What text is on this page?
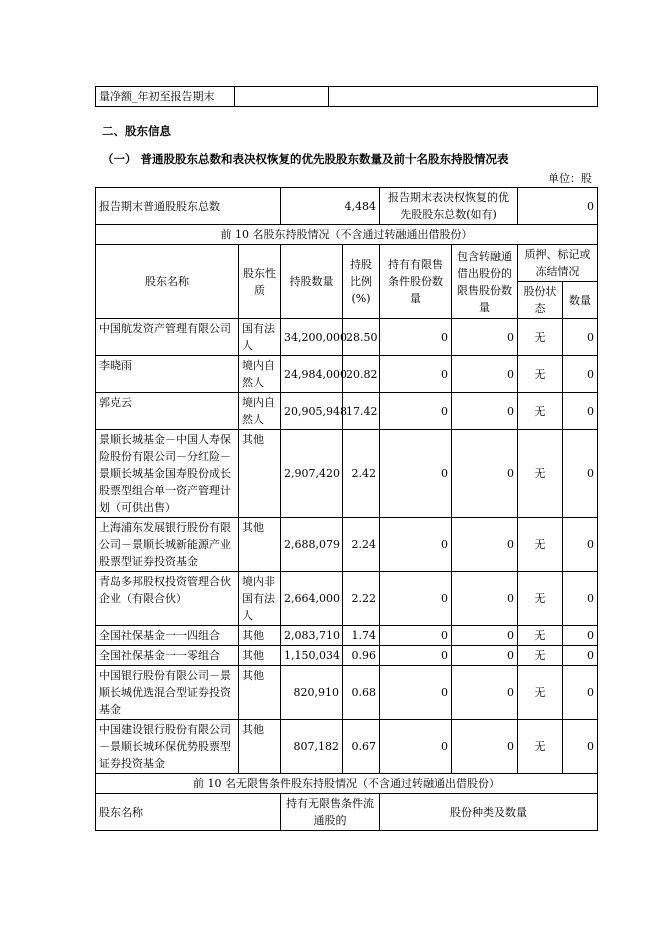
量净额_年初至报告期末		
二、股东信息
（一） 普通股股东总数和表决权恢复的优先股股东数量及前十名股东持股情况表
单位：股
报告期末普通股股东总数		4,484		报告期末表决权恢复的优先股股东总数(如有)		0	
前 10 名股东持股情况（不含通过转融通出借股份）							
股东名称	股东性质	持股数量	持股比例(%)	持有有限售条件股份数量	包含转融通借出股份的限售股份数量	质押、标记或冻结情况	
						股份状态	数量
中国航发资产管理有限公司	国有法人	34,200,000	28.50	0	0	无	0
李晓雨	境内自然人	24,984,000	20.82	0	0	无	0
郭克云	境内自然人	20,905,948	17.42	0	0	无	0
景顺长城基金－中国人寿保险股份有限公司－分红险－景顺长城基金国寿股份成长股票型组合单一资产管理计划（可供出售）	其他	2,907,420	2.42	0	0	无	0
上海浦东发展银行股份有限公司－景顺长城新能源产业股票型证券投资基金	其他	2,688,079	2.24	0	0	无	0
青岛多邦股权投资管理合伙企业（有限合伙）	境内非国有法人	2,664,000	2.22	0	0	无	0
全国社保基金一一四组合	其他	2,083,710	1.74	0	0	无	0
全国社保基金一一零组合	其他	1,150,034	0.96	0	0	无	0
中国银行股份有限公司－景顺长城优选混合型证券投资基金	其他	820,910	0.68	0	0	无	0
中国建设银行股份有限公司－景顺长城环保优势股票型证券投资基金	其他	807,182	0.67	0	0	无	0
前 10 名无限售条件股东持股情况（不含通过转融通出借股份）							
股东名称		持有无限售条件流通股的		股份种类及数量			
